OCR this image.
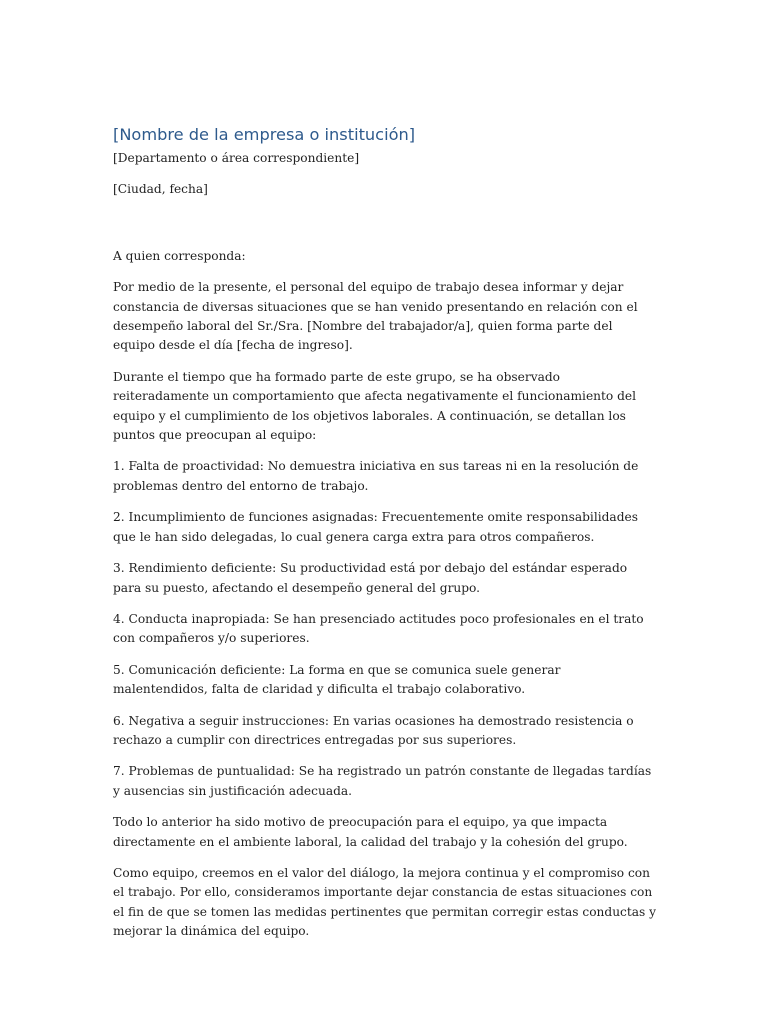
[Nombre de la empresa o institución]
[Departamento o área correspondiente]
[Ciudad, fecha]
A quien corresponda:

Por medio de la presente, el personal del equipo de trabajo desea informar y dejar constancia de diversas situaciones que se han venido presentando en relación con el desempeño laboral del Sr./Sra. [Nombre del trabajador/a], quien forma parte del equipo desde el día [fecha de ingreso].

Durante el tiempo que ha formado parte de este grupo, se ha observado reiteradamente un comportamiento que afecta negativamente el funcionamiento del equipo y el cumplimiento de los objetivos laborales. A continuación, se detallan los puntos que preocupan al equipo:

1. Falta de proactividad: No demuestra iniciativa en sus tareas ni en la resolución de problemas dentro del entorno de trabajo.

2. Incumplimiento de funciones asignadas: Frecuentemente omite responsabilidades que le han sido delegadas, lo cual genera carga extra para otros compañeros.

3. Rendimiento deficiente: Su productividad está por debajo del estándar esperado para su puesto, afectando el desempeño general del grupo.

4. Conducta inapropiada: Se han presenciado actitudes poco profesionales en el trato con compañeros y/o superiores.

5. Comunicación deficiente: La forma en que se comunica suele generar malentendidos, falta de claridad y dificulta el trabajo colaborativo.

6. Negativa a seguir instrucciones: En varias ocasiones ha demostrado resistencia o rechazo a cumplir con directrices entregadas por sus superiores.

7. Problemas de puntualidad: Se ha registrado un patrón constante de llegadas tardías y ausencias sin justificación adecuada.

Todo lo anterior ha sido motivo de preocupación para el equipo, ya que impacta directamente en el ambiente laboral, la calidad del trabajo y la cohesión del grupo.

Como equipo, creemos en el valor del diálogo, la mejora continua y el compromiso con el trabajo. Por ello, consideramos importante dejar constancia de estas situaciones con el fin de que se tomen las medidas pertinentes que permitan corregir estas conductas y mejorar la dinámica del equipo.
